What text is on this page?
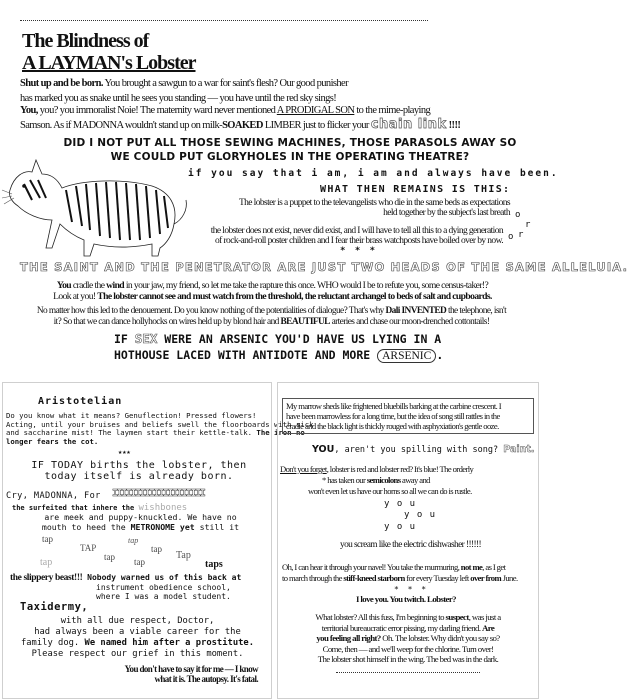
The Blindness of
A LAYMAN's Lobster
Shut up and be born. You brought a sawgun to a war for saint's flesh? Our good punisher
has marked you as snake until he sees you standing — you have until the red sky sings!
You, you? you immoralist Noie! The maternity ward never mentioned A PRODIGAL SON to the mime-playing
Samson. As if MADONNA wouldn't stand up on milk-SOAKED LIMBER just to flicker your chain link !!!!
DID I NOT PUT ALL THOSE SEWING MACHINES, THOSE PARASOLS AWAY SO
WE COULD PUT GLORYHOLES IN THE OPERATING THEATRE?
if you say that i am, i am and always have been.
WHAT THEN REMAINS IS THIS:
The lobster is a puppet to the televangelists who die in the same beds as expectations
held together by the subject's last breath
the lobster does not exist, never did exist, and I will have to tell all this to a dying generation
of rock-and-roll poster children and I fear their brass watchposts have boiled over by now.
o
r
o r
* * *
THE SAINT AND THE PENETRATOR ARE JUST TWO HEADS OF THE SAME ALLELUIA.
You cradle the wind in your jaw, my friend, so let me take the rapture this once. WHO would I be to refute you, some census-taker!?
Look at you! The lobster cannot see and must watch from the threshold, the reluctant archangel to beds of salt and cupboards.
No matter how this led to the denouement. Do you know nothing of the potentialities of dialogue? That's why Dali INVENTED the telephone, isn't
it? So that we can dance hollyhocks on wires held up by blond hair and BEAUTIFUL arteries and chase our moon-drenched cottontails!
IF SEX WERE AN ARSENIC YOU'D HAVE US LYING IN A
HOTHOUSE LACED WITH ANTIDOTE AND MORE ARSENIC .
Aristotelian
Do you know what it means? Genuflection! Pressed flowers!
Acting, until your bruises and beliefs swell the floorboards with sick
and saccharine mist! The laymen start their kettle-talk. The iron no
longer fears the cot.
★★★
IF TODAY births the lobster, then
today itself is already born.
Cry, MADONNA, For IIIIIIIIIIIIIIIIIIII
the surfeited that inhere the wishbones
are meek and puppy-knuckled. We have no
mouth to heed the METRONOME yet still it
tap
TAP
tap
tap
tap
tap	tap
Tap
taps
the slippery beast!!! Nobody warned us of this back at
instrument obedience school,
where I was a model student.
Taxidermy,
with all due respect, Doctor,
had always been a viable career for the
family dog. We named him after a prostitute.
Please respect our grief in this moment.
You don't have to say it for me — I know
what it is. The autopsy. It's fatal.
My marrow sheds like frightened bluebills barking at the carbine crescent. I
have been marrowless for a long time, but the idea of song still rattles in the
cradle and the black light is thickly rouged with asphyxiation's gentle ooze.
YOU, aren't you spilling with song? Paint.
Don't you forget, lobster is red and lobster red? It's blue! The orderly
* has taken our semicolons away and
won't even let us have our horns so all we can do is rustle.
y o u
y o u
y o u
you scream like the electric dishwasher !!!!!!
Oh, I can hear it through your navel! You take the murmuring, not me, as I get
to march through the stiff-kneed starborn for every Tuesday left over from June.
* * *
I love you. You twitch. Lobster?
What lobster? All this fuss, I'm beginning to suspect, was just a
territorial bureaucratic error pissing, my darling friend. Are
you feeling all right? Oh. The lobster. Why didn't you say so?
Come, then — and we'll weep for the chlorine. Turn over!
The lobster shot himself in the wing. The bed was in the dark.
